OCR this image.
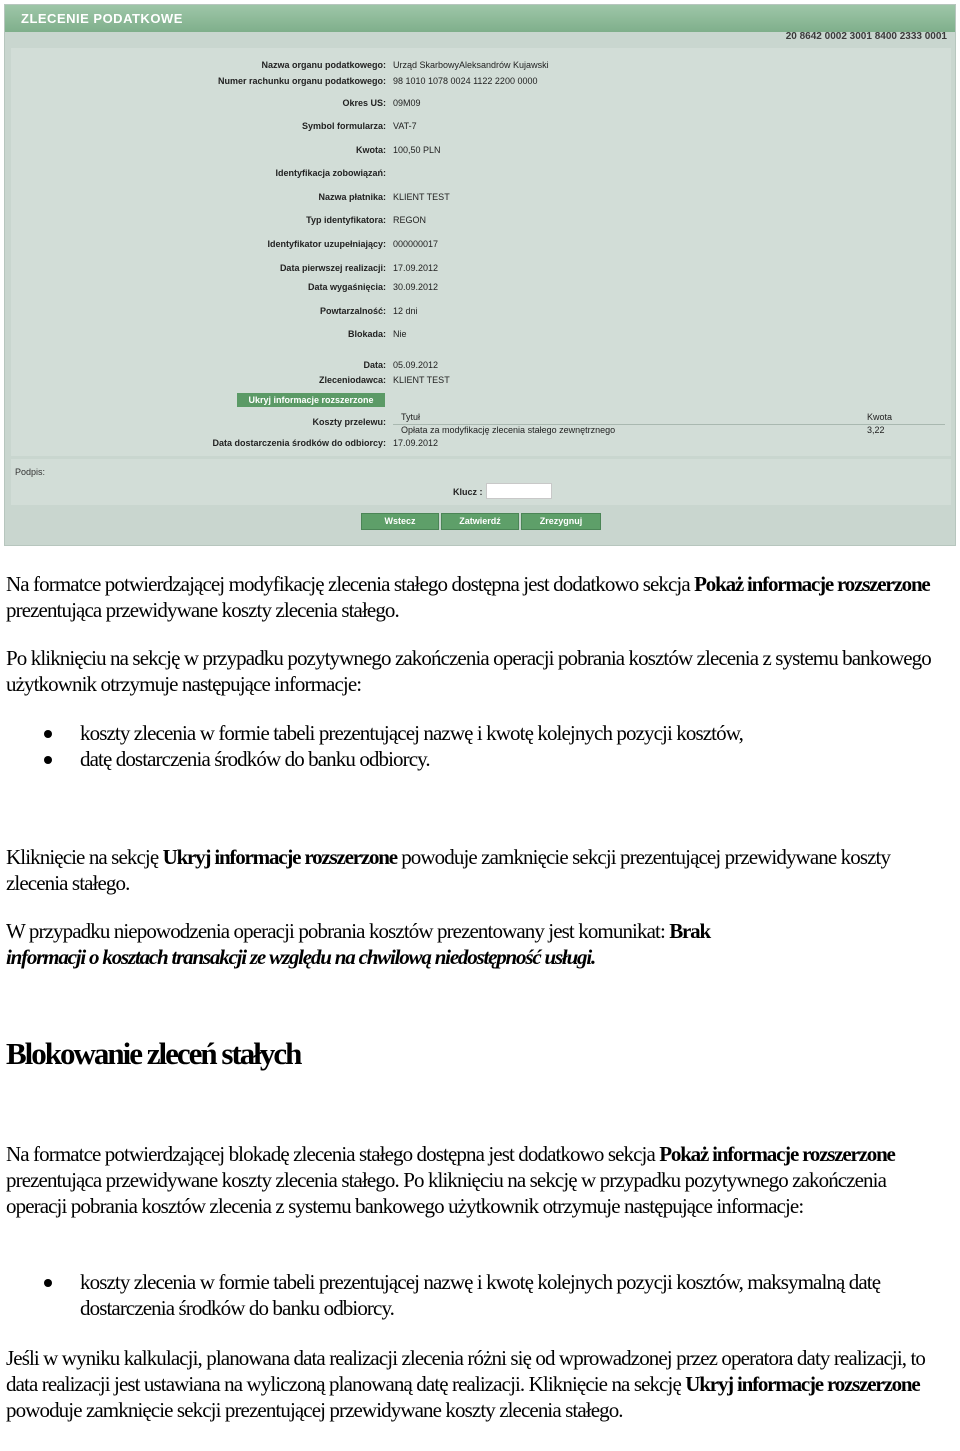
ZLECENIE PODATKOWE
20 8642 0002 3001 8400 2333 0001
Nazwa organu podatkowego: Urząd SkarbowyAleksandrów Kujawski
Numer rachunku organu podatkowego: 98 1010 1078 0024 1122 2200 0000
Okres US: 09M09
Symbol formularza: VAT-7
Kwota: 100,50 PLN
Identyfikacja zobowiązań:
Nazwa płatnika: KLIENT TEST
Typ identyfikatora: REGON
Identyfikator uzupełniający: 000000017
Data pierwszej realizacji: 17.09.2012
Data wygaśnięcia: 30.09.2012
Powtarzalność: 12 dni
Blokada: Nie
Data: 05.09.2012
Zleceniodawca: KLIENT TEST
Ukryj informacje rozszerzone
Koszty przelewu: Tytuł	Kwota
Opłata za modyfikację zlecenia stałego zewnętrznego	3,22
Data dostarczenia środków do odbiorcy: 17.09.2012
Podpis:
Klucz :
Wstecz	Zatwierdź	Zrezygnuj

Na formatce potwierdzającej modyfikację zlecenia stałego dostępna jest dodatkowo sekcja Pokaż informacje rozszerzone prezentująca przewidywane koszty zlecenia stałego.

Po kliknięciu na sekcję w przypadku pozytywnego zakończenia operacji pobrania kosztów zlecenia z systemu bankowego użytkownik otrzymuje następujące informacje:

koszty zlecenia w formie tabeli prezentującej nazwę i kwotę kolejnych pozycji kosztów,
datę dostarczenia środków do banku odbiorcy.

Kliknięcie na sekcję Ukryj informacje rozszerzone powoduje zamknięcie sekcji prezentującej przewidywane koszty zlecenia stałego.

W przypadku niepowodzenia operacji pobrania kosztów prezentowany jest komunikat: Brak
informacji o kosztach transakcji ze względu na chwilową niedostępność usługi.

Blokowanie zleceń stałych

Na formatce potwierdzającej blokadę zlecenia stałego dostępna jest dodatkowo sekcja Pokaż informacje rozszerzone prezentująca przewidywane koszty zlecenia stałego. Po kliknięciu na sekcję w przypadku pozytywnego zakończenia operacji pobrania kosztów zlecenia z systemu bankowego użytkownik otrzymuje następujące informacje:

koszty zlecenia w formie tabeli prezentującej nazwę i kwotę kolejnych pozycji kosztów, maksymalną datę dostarczenia środków do banku odbiorcy.

Jeśli w wyniku kalkulacji, planowana data realizacji zlecenia różni się od wprowadzonej przez operatora daty realizacji, to data realizacji jest ustawiana na wyliczoną planowaną datę realizacji. Kliknięcie na sekcję Ukryj informacje rozszerzone powoduje zamknięcie sekcji prezentującej przewidywane koszty zlecenia stałego.
